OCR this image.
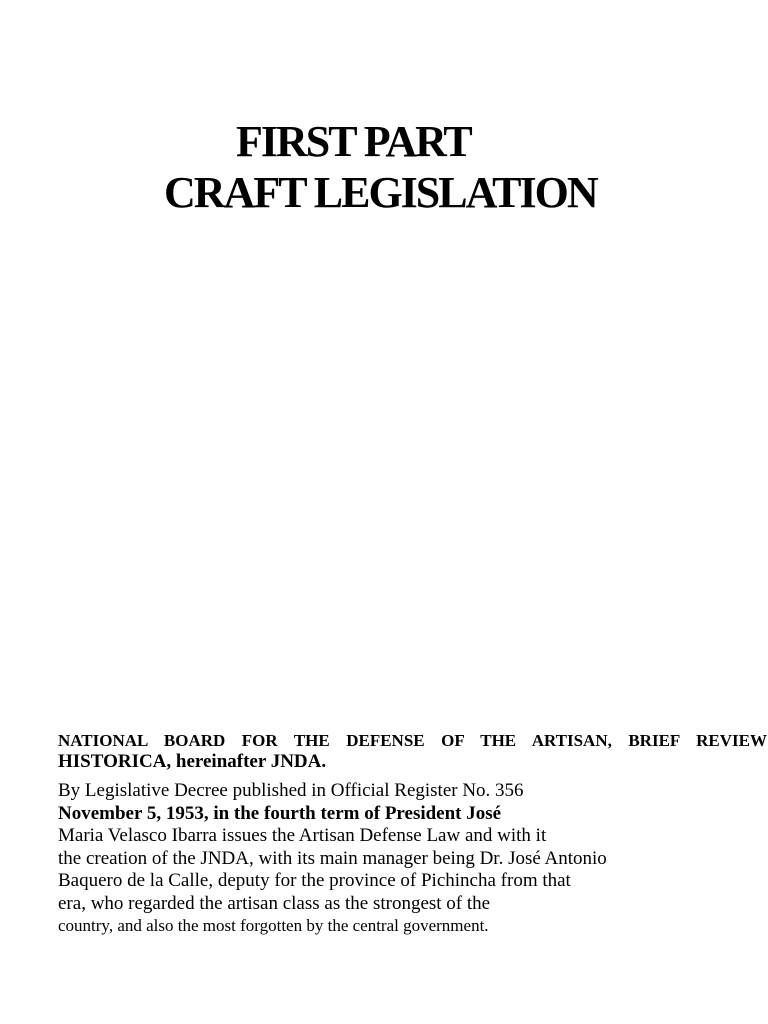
FIRST PART
CRAFT LEGISLATION
NATIONAL BOARD FOR THE DEFENSE OF THE ARTISAN, BRIEF REVIEW
HISTORICA, hereinafter JNDA.
By Legislative Decree published in Official Register No. 356
November 5, 1953, in the fourth term of President José
Maria Velasco Ibarra issues the Artisan Defense Law and with it
the creation of the JNDA, with its main manager being Dr. José Antonio
Baquero de la Calle, deputy for the province of Pichincha from that
era, who regarded the artisan class as the strongest of the
country, and also the most forgotten by the central government.
